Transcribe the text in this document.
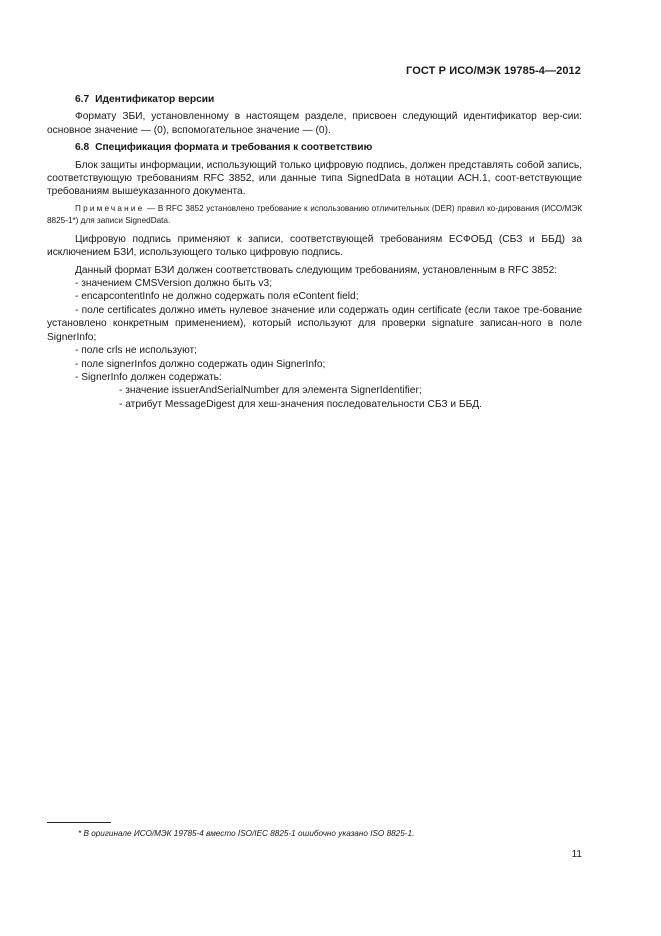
ГОСТ Р ИСО/МЭК 19785-4—2012
6.7 Идентификатор версии
Формату ЗБИ, установленному в настоящем разделе, присвоен следующий идентификатор вер-сии: основное значение — (0), вспомогательное значение — (0).
6.8 Спецификация формата и требования к соответствию
Блок защиты информации, использующий только цифровую подпись, должен представлять собой запись, соответствующую требованиям RFC 3852, или данные типа SignedData в нотации АСН.1, соот-ветствующие требованиям вышеуказанного документа.
Примечание — В RFC 3852 установлено требование к использованию отличительных (DER) правил ко-дирования (ИСО/МЭК 8825-1*) для записи SignedData.
Цифровую подпись применяют к записи, соответствующей требованиям ЕСФОБД (СБЗ и ББД) за исключением БЗИ, использующего только цифровую подпись.
Данный формат БЗИ должен соответствовать следующим требованиям, установленным в RFC 3852:
- значением CMSVersion должно быть v3;
- encapcontentInfo не должно содержать поля eContent field;
- поле certificates должно иметь нулевое значение или содержать один certificate (если такое тре-бование установлено конкретным применением), который используют для проверки signature записан-ного в поле SignerInfo;
- поле crls не используют;
- поле signerInfos должно содержать один SignerInfo;
- SignerInfo должен содержать:
- значение issuerAndSerialNumber для элемента SignerIdentifier;
- атрибут MessageDigest для хеш-значения последовательности СБЗ и ББД.
* В оригинале ИСО/МЭК 19785-4 вместо ISO/IEC 8825-1 ошибочно указано ISO 8825-1.
11
